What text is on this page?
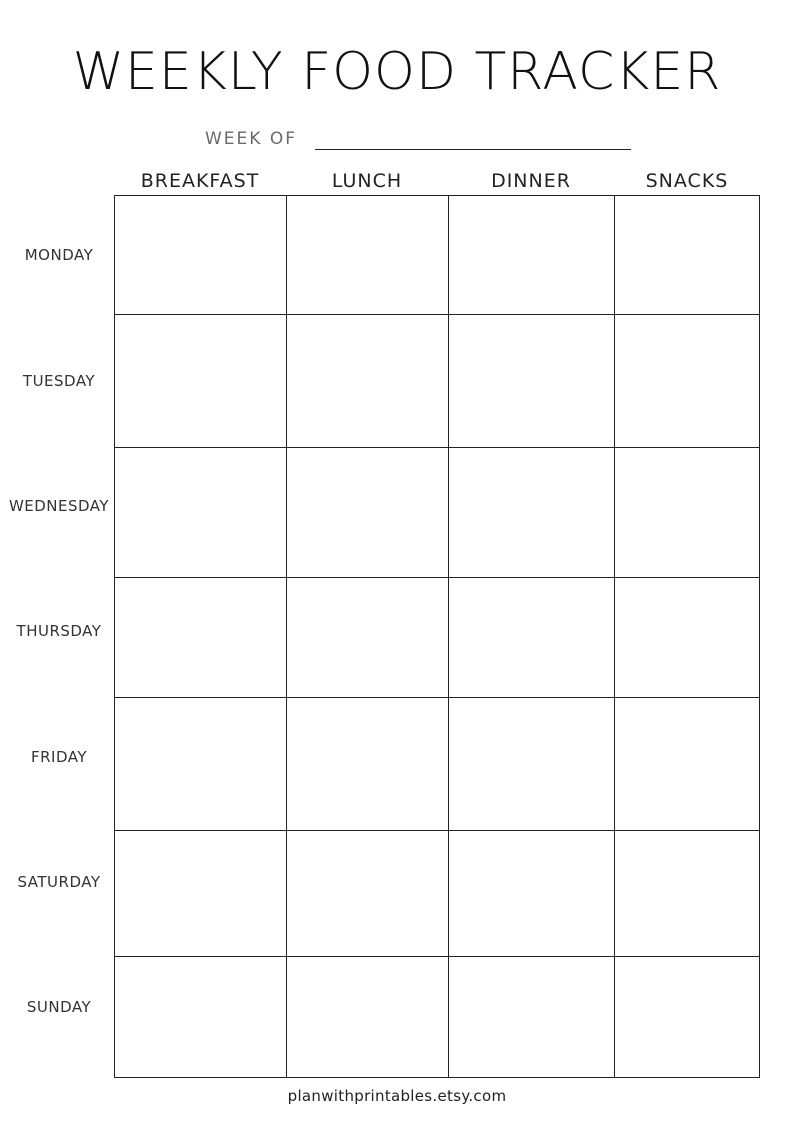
WEEKLY FOOD TRACKER
WEEK OF
BREAKFAST	LUNCH	DINNER	SNACKS
MONDAY
TUESDAY
WEDNESDAY
THURSDAY
FRIDAY
SATURDAY
SUNDAY
planwithprintables.etsy.com
